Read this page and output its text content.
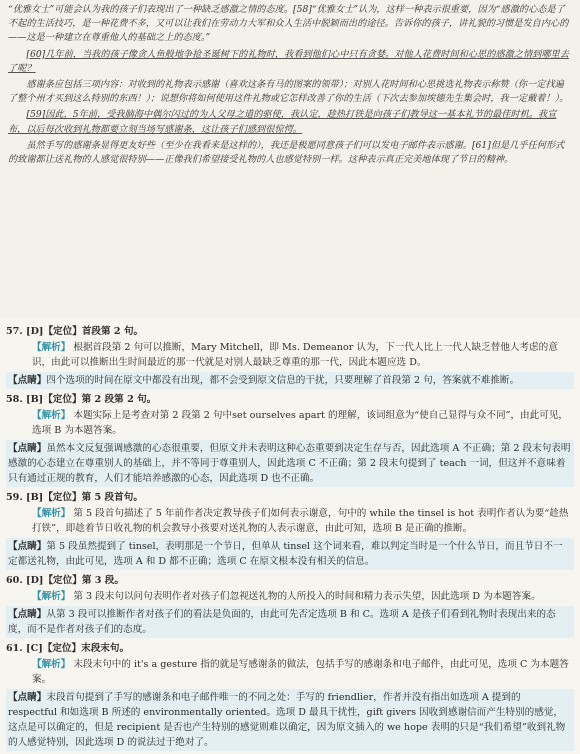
“优雅女士”可能会认为我的孩子们表现出了一种缺乏感激之情的态度。[58]“优雅女士”认为，这样一种表示很重要，因为“感激的心态是了不起的生活技巧，是一种花费不多，又可以让我们在劳动力大军和众人生活中脱颖而出的途径。告诉你的孩子，讲礼貌的习惯是发自内心的——这是一种建立在尊重他人的基础之上的态度。”

[60]几年前，当我的孩子像贪人鱼般地争抢圣诞树下的礼物时，我看到他们心中只有贪婪。对他人花费时间和心思的感激之情到哪里去了呢？

感谢条应包括三项内容：对收到的礼物表示感谢（喜欢这条有马的图案的领带）；对别人花时间和心思挑选礼物表示称赞（你一定找遍了整个州才买到这么特别的东西！）；说想你将如何使用这件礼物或它怎样改善了你的生活（下次去参加埃德先生集会时，我一定戴着！）。

[59]因此，5年前，受我脑海中偶尔闪过的为人父母之道的驱使，我认定，趁热打铁是向孩子们教导这一基本礼节的最佳时机。我宣布，以后每次收到礼物都要立刻当场写感谢条，这让孩子们感到很惊愕。

虽然手写的感谢条显得更友好些（至少在我看来是这样的），我还是极愿同意孩子们可以发电子邮件表示感谢。[61]但是几乎任何形式的致谢都让送礼物的人感觉很特别——正像我们希望接受礼物的人也感觉特别一样。这种表示真正完美地体现了节日的精神。

57. [D]【定位】首段第 2 句。
【解析】 根据首段第 2 句可以推断，Mary Mitchell，即 Ms. Demeanor 认为，下一代人比上一代人缺乏替他人考虑的意识，由此可以推断出生时间最近的那一代就是对别人最缺乏尊重的那一代，因此本题应选 D。
【点睛】四个选项的时间在原文中都没有出现，都不会受到原文信息的干扰，只要理解了首段第 2 句，答案就不难推断。
58. [B]【定位】第 2 段第 2 句。
【解析】 本题实际上是考查对第 2 段第 2 句中set ourselves apart 的理解，该词组意为“使自己显得与众不同”，由此可见，选项 B 为本题答案。
【点睛】虽然本文反复强调感激的心态很重要，但原文并未表明这种心态重要到决定生存与否，因此选项 A 不正确；第 2 段末句表明感激的心态建立在尊重别人的基础上，并不等同于尊重别人，因此选项 C 不正确；第 2 段末句提到了 teach 一词，但这并不意味着只有通过正规的教育，人们才能培养感激的心态，因此选项 D 也不正确。
59. [B]【定位】第 5 段首句。
【解析】 第 5 段首句描述了 5 年前作者决定教导孩子们如何表示谢意，句中的 while the tinsel is hot 表明作者认为要“趁热打铁”，即趁着节日收礼物的机会教导小孩要对送礼物的人表示谢意，由此可知，选项 B 是正确的推断。
【点睛】第 5 段虽然提到了 tinsel，表明那是一个节日，但单从 tinsel 这个词来看，难以判定当时是一个什么节日，而且节日不一定都送礼物，由此可见，选项 A 和 D 都不正确；选项 C 在原文根本没有相关的信息。
60. [D]【定位】第 3 段。
【解析】 第 3 段末句以问句表明作者对孩子们忽视送礼物的人所投入的时间和精力表示失望，因此选项 D 为本题答案。
【点睛】从第 3 段可以推断作者对孩子们的看法是负面的，由此可先否定选项 B 和 C。选项 A 是孩子们看到礼物时表现出来的态度，而不是作者对孩子们的态度。
61. [C]【定位】末段末句。
【解析】 末段末句中的 it's a gesture 指的就是写感谢条的做法，包括手写的感谢条和电子邮件，由此可见，选项 C 为本题答案。
【点睛】末段首句提到了手写的感谢条和电子邮件唯一的不同之处：手写的 friendlier，作者并没有指出如选项 A 提到的 respectful 和如选项 B 所述的 environmentally oriented。选项 D 最具干扰性，gift givers 因收到感谢信而产生特别的感觉，这点是可以确定的，但是 recipient 是否也产生特别的感觉则难以确定，因为原文插入的 we hope 表明的只是“我们希望”收到礼物的人感觉特别，因此选项 D 的说法过于绝对了。
